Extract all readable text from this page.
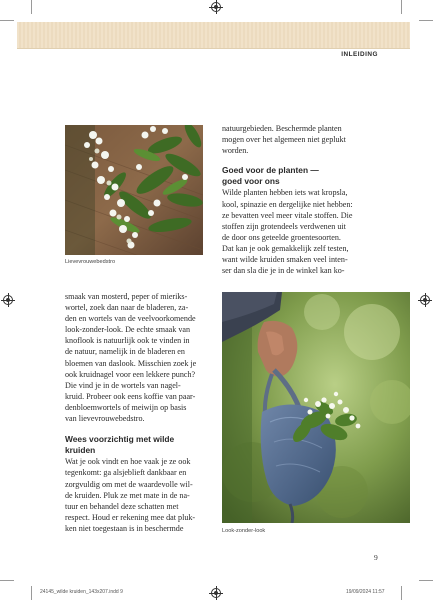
INLEIDING
Lievevrouwebedstro
natuurgebieden. Beschermde planten
mogen over het algemeen niet geplukt
worden.
Goed voor de planten —
goed voor ons
Wilde planten hebben iets wat kropsla,
kool, spinazie en dergelijke niet hebben:
ze bevatten veel meer vitale stoffen. Die
stoffen zijn grotendeels verdwenen uit
de door ons geteelde groentesoorten.
Dat kan je ook gemakkelijk zelf testen,
want wilde kruiden smaken veel inten-
ser dan sla die je in de winkel kan ko-
smaak van mosterd, peper of mieriks-
wortel, zoek dan naar de bladeren, za-
den en wortels van de veelvoorkomende
look-zonder-look. De echte smaak van
knoflook is natuurlijk ook te vinden in
de natuur, namelijk in de bladeren en
bloemen van daslook. Misschien zoek je
ook kruidnagel voor een lekkere punch?
Die vind je in de wortels van nagel-
kruid. Probeer ook eens koffie van paar-
denbloemwortels of meiwijn op basis
van lievevrouwebedstro.
Wees voorzichtig met wilde
kruiden
Wat je ook vindt en hoe vaak je ze ook
tegenkomt: ga alsjeblieft dankbaar en
zorgvuldig om met de waardevolle wil-
de kruiden. Pluk ze met mate in de na-
tuur en behandel deze schatten met
respect. Houd er rekening mee dat pluk-
ken niet toegestaan is in beschermde	Look-zonder-look
9
24145_wilde kruiden_143x207.indd 9	19/09/2024 11:57
